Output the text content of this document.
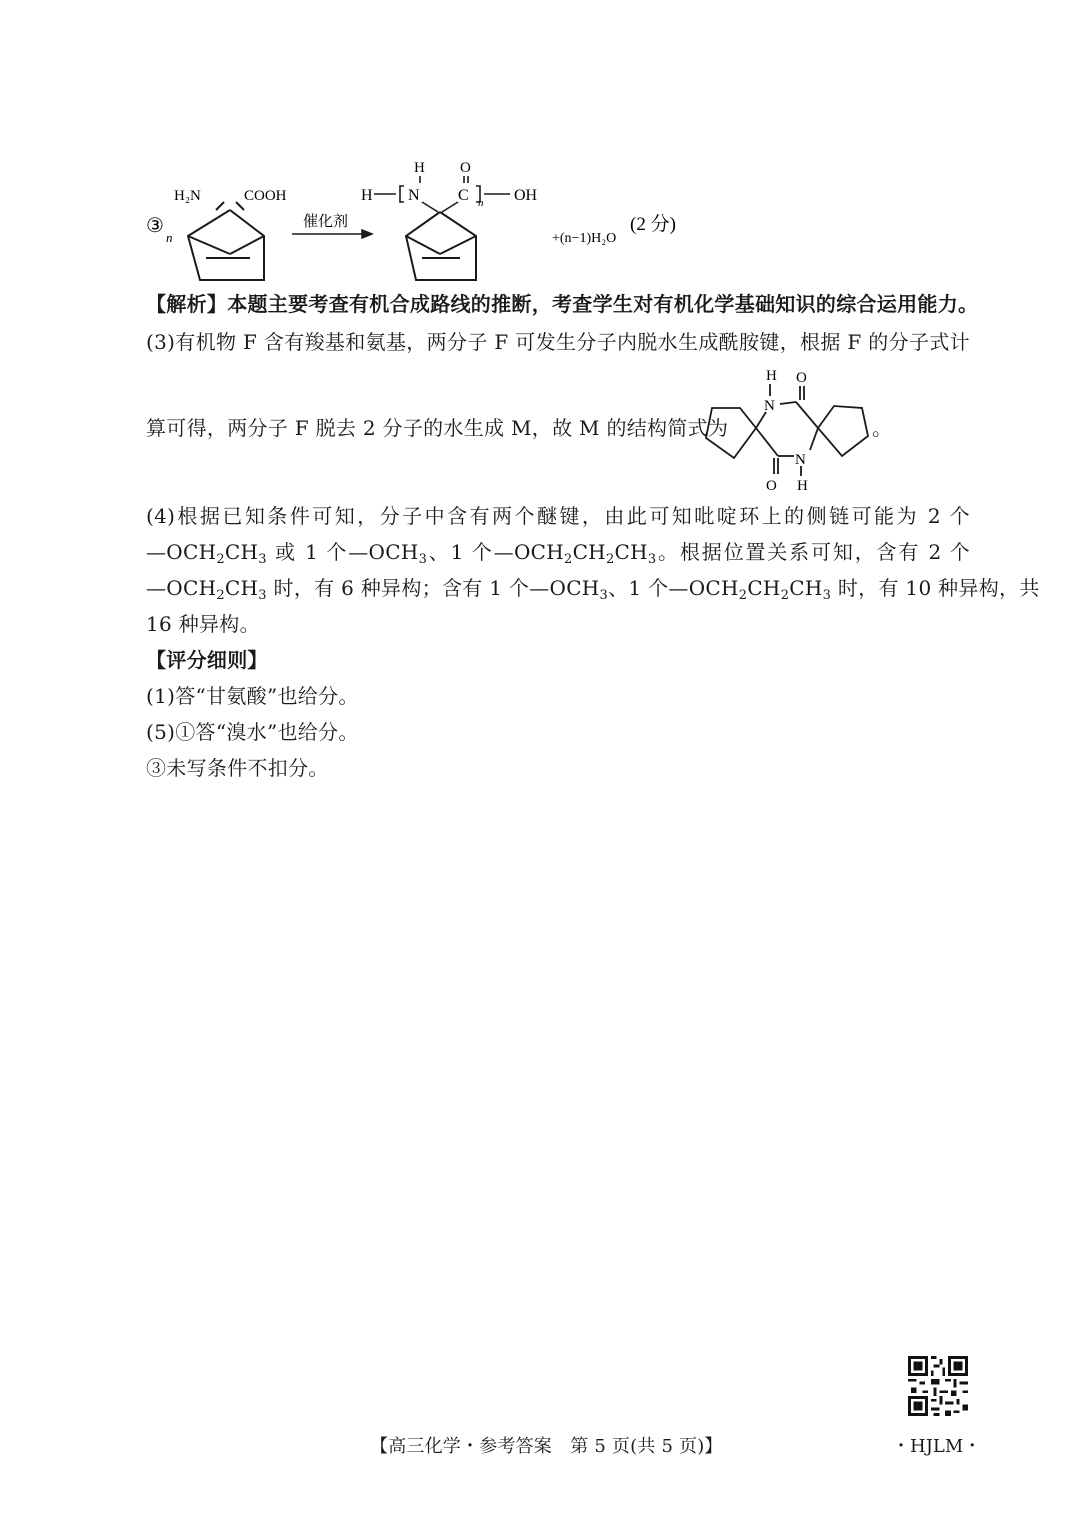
③
n
H₂N	COOH
催化剂
H
H
N
O
C n OH
+(n−1)H₂O
(2 分)
【解析】本题主要考查有机合成路线的推断，考查学生对有机化学基础知识的综合运用能力。
(3)有机物 F 含有羧基和氨基，两分子 F 可发生分子内脱水生成酰胺键，根据 F 的分子式计
算可得，两分子 F 脱去 2 分子的水生成 M，故 M 的结构简式为
H
N
O
O
N
H
。
(4)根据已知条件可知，分子中含有两个醚键，由此可知吡啶环上的侧链可能为 2 个
$—OCH_2CH_3$ 或 1 个$—OCH_3$、1 个$—OCH_2CH_2CH_3$。根据位置关系可知，含有 2 个
$—OCH_2CH_3$ 时，有 6 种异构；含有 1 个$—OCH_3$、1 个$—OCH_2CH_2CH_3$ 时，有 10 种异构，共
16 种异构。
【评分细则】
(1)答“甘氨酸”也给分。
(5)①答“溴水”也给分。
③未写条件不扣分。
【高三化学・参考答案　第 5 页(共 5 页)】	・HJLM・
